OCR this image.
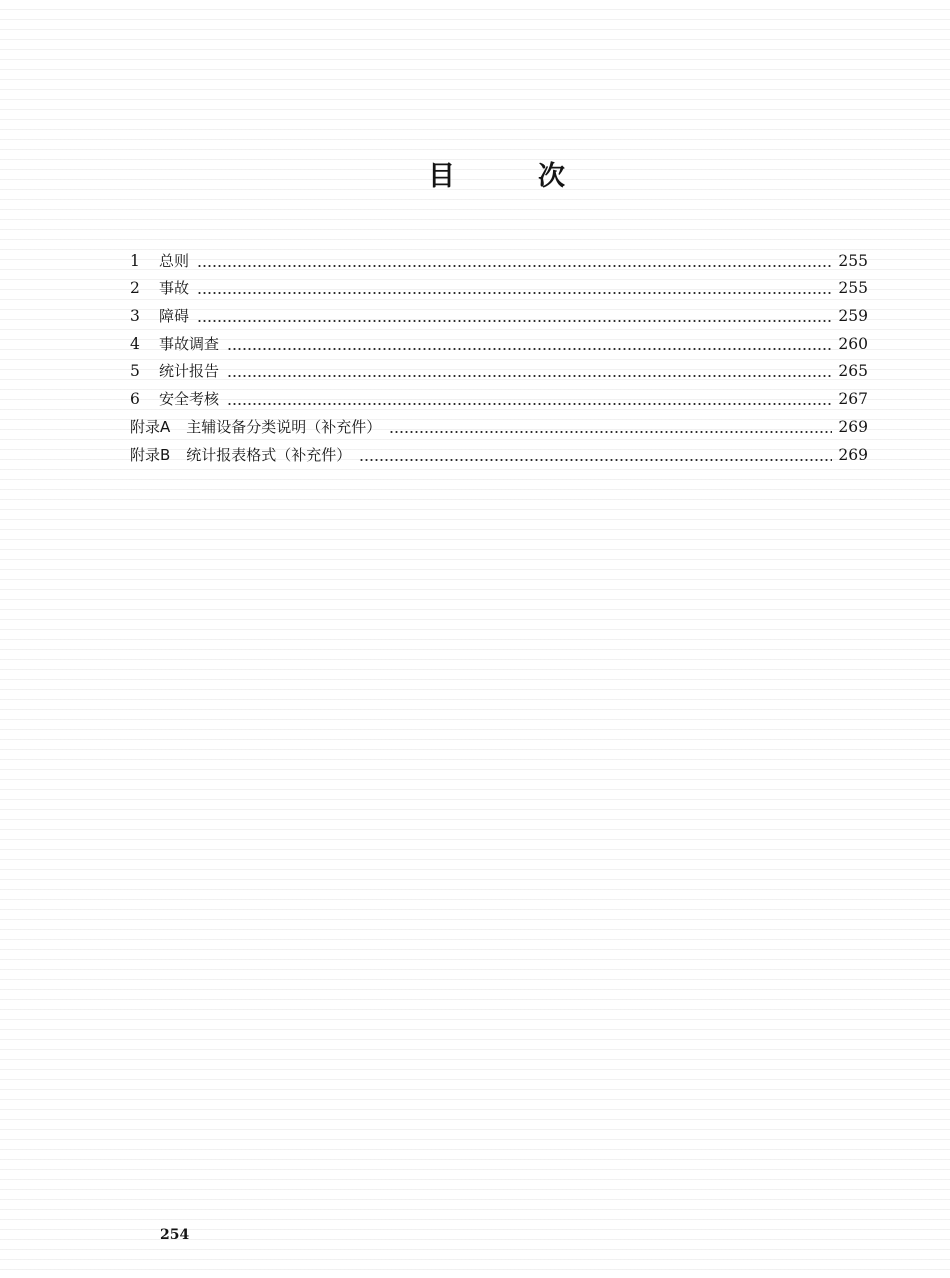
目	次
1	总则	255
2	事故	255
3	障碍	259
4	事故调查	260
5	统计报告	265
6	安全考核	267
附录A 主辅设备分类说明（补充件）	269
附录B 统计报表格式（补充件）	269
254
